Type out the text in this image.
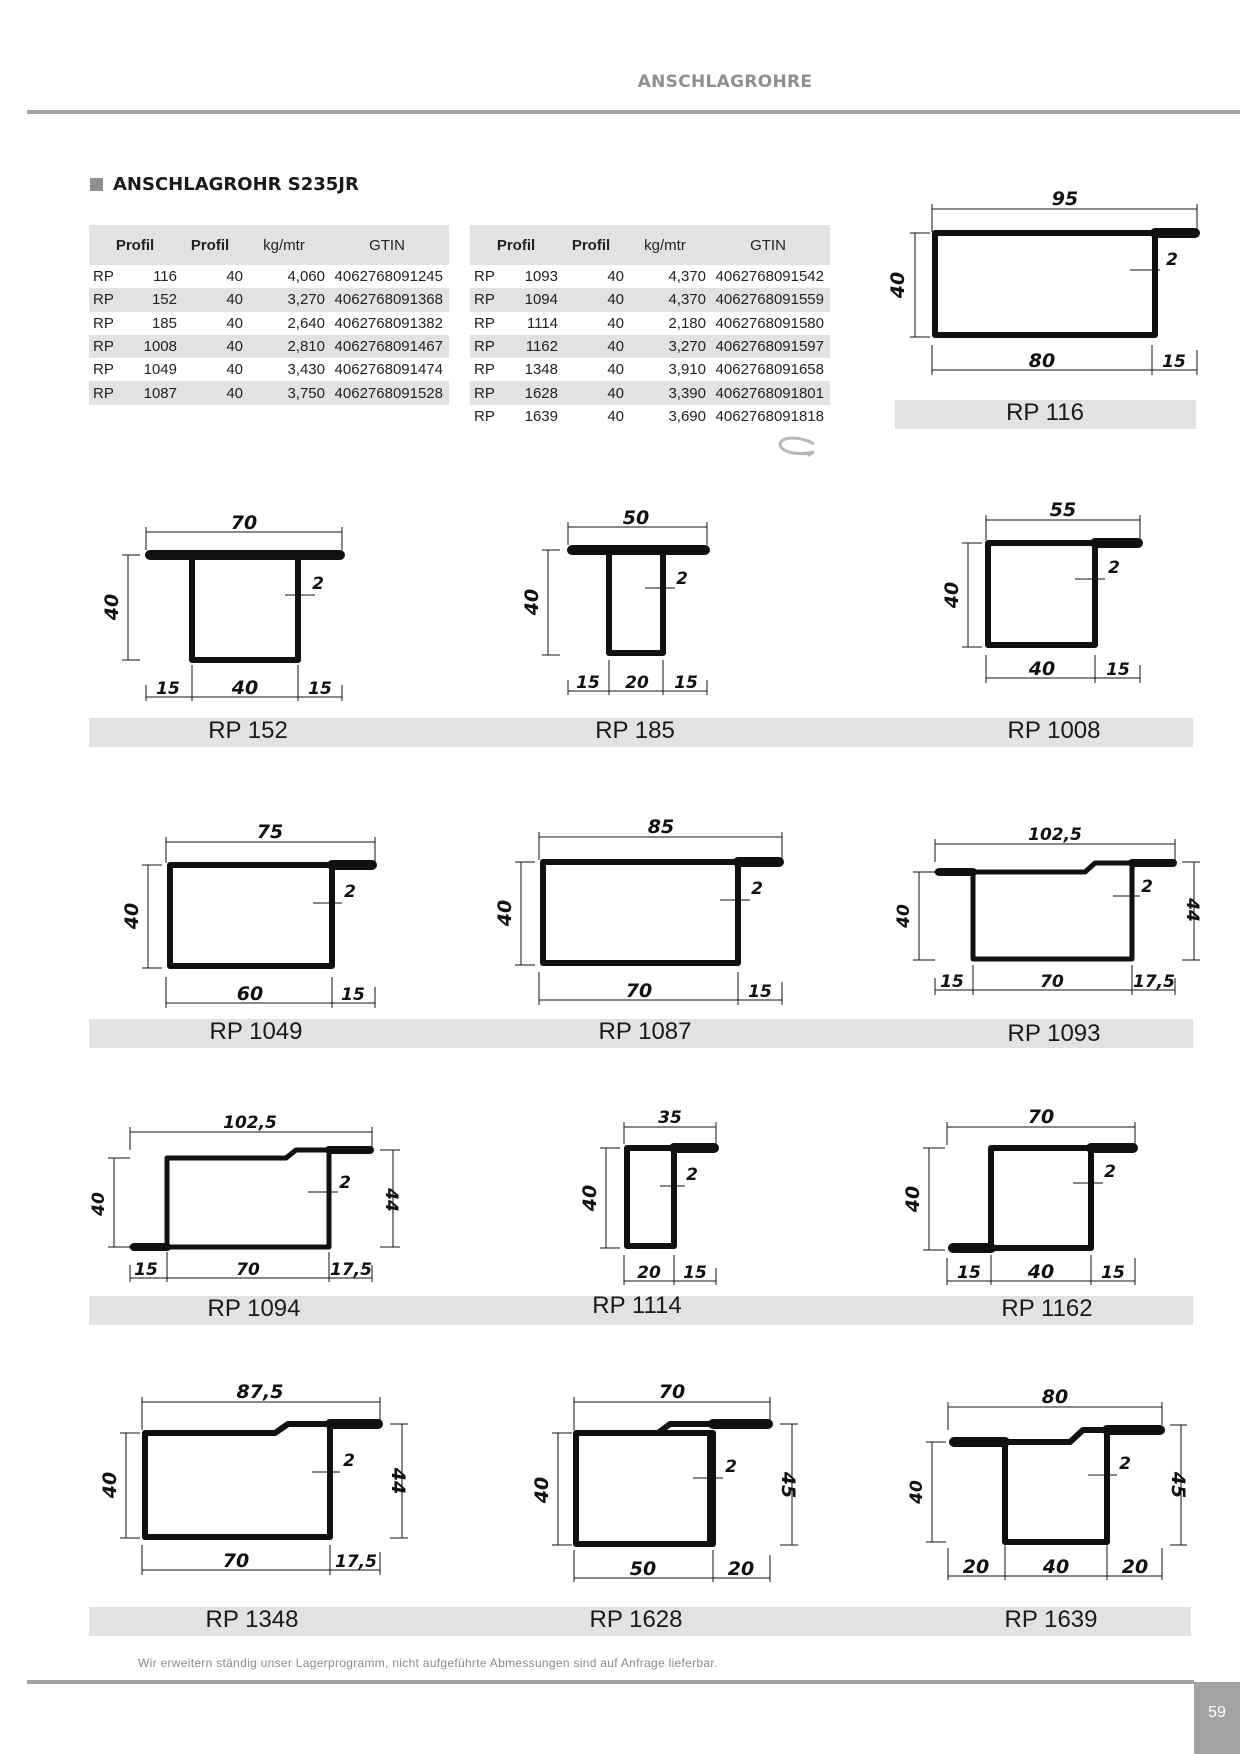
ANSCHLAGROHRE
ANSCHLAGROHR S235JR
Profil		Profil	kg/mtr	GTIN
RP	116	40	4,060	4062768091245
RP	152	40	3,270	4062768091368
RP	185	40	2,640	4062768091382
RP	1008	40	2,810	4062768091467
RP	1049	40	3,430	4062768091474
RP	1087	40	3,750	4062768091528
Profil		Profil	kg/mtr	GTIN
RP	1093	40	4,370	4062768091542
RP	1094	40	4,370	4062768091559
RP	1114	40	2,180	4062768091580
RP	1162	40	3,270	4062768091597
RP	1348	40	3,910	4062768091658
RP	1628	40	3,390	4062768091801
RP	1639	40	3,690	4062768091818
95
40
2
80	15
RP 116
70
40
2
15	40	15
50
40
2
15 20 15
55
40
2
40	15
RP 152	RP 185	RP 1008
75
40
2
60	15
85
40
2
70	15
102,5
40	44
2
15	70	17,5
RP 1049	RP 1087	RP 1093
102,5
40	44
2
15	70	17,5
35
40
2
20 15
70
40
2
15 40	15
RP 1094	RP 1114	RP 1162
87,5
40	44
2
70	17,5
70
40	45
2
50	20
80
40	45
2
20	40	20
RP 1348	RP 1628	RP 1639
Wir erweitern ständig unser Lagerprogramm, nicht aufgeführte Abmessungen sind auf Anfrage lieferbar.
59
